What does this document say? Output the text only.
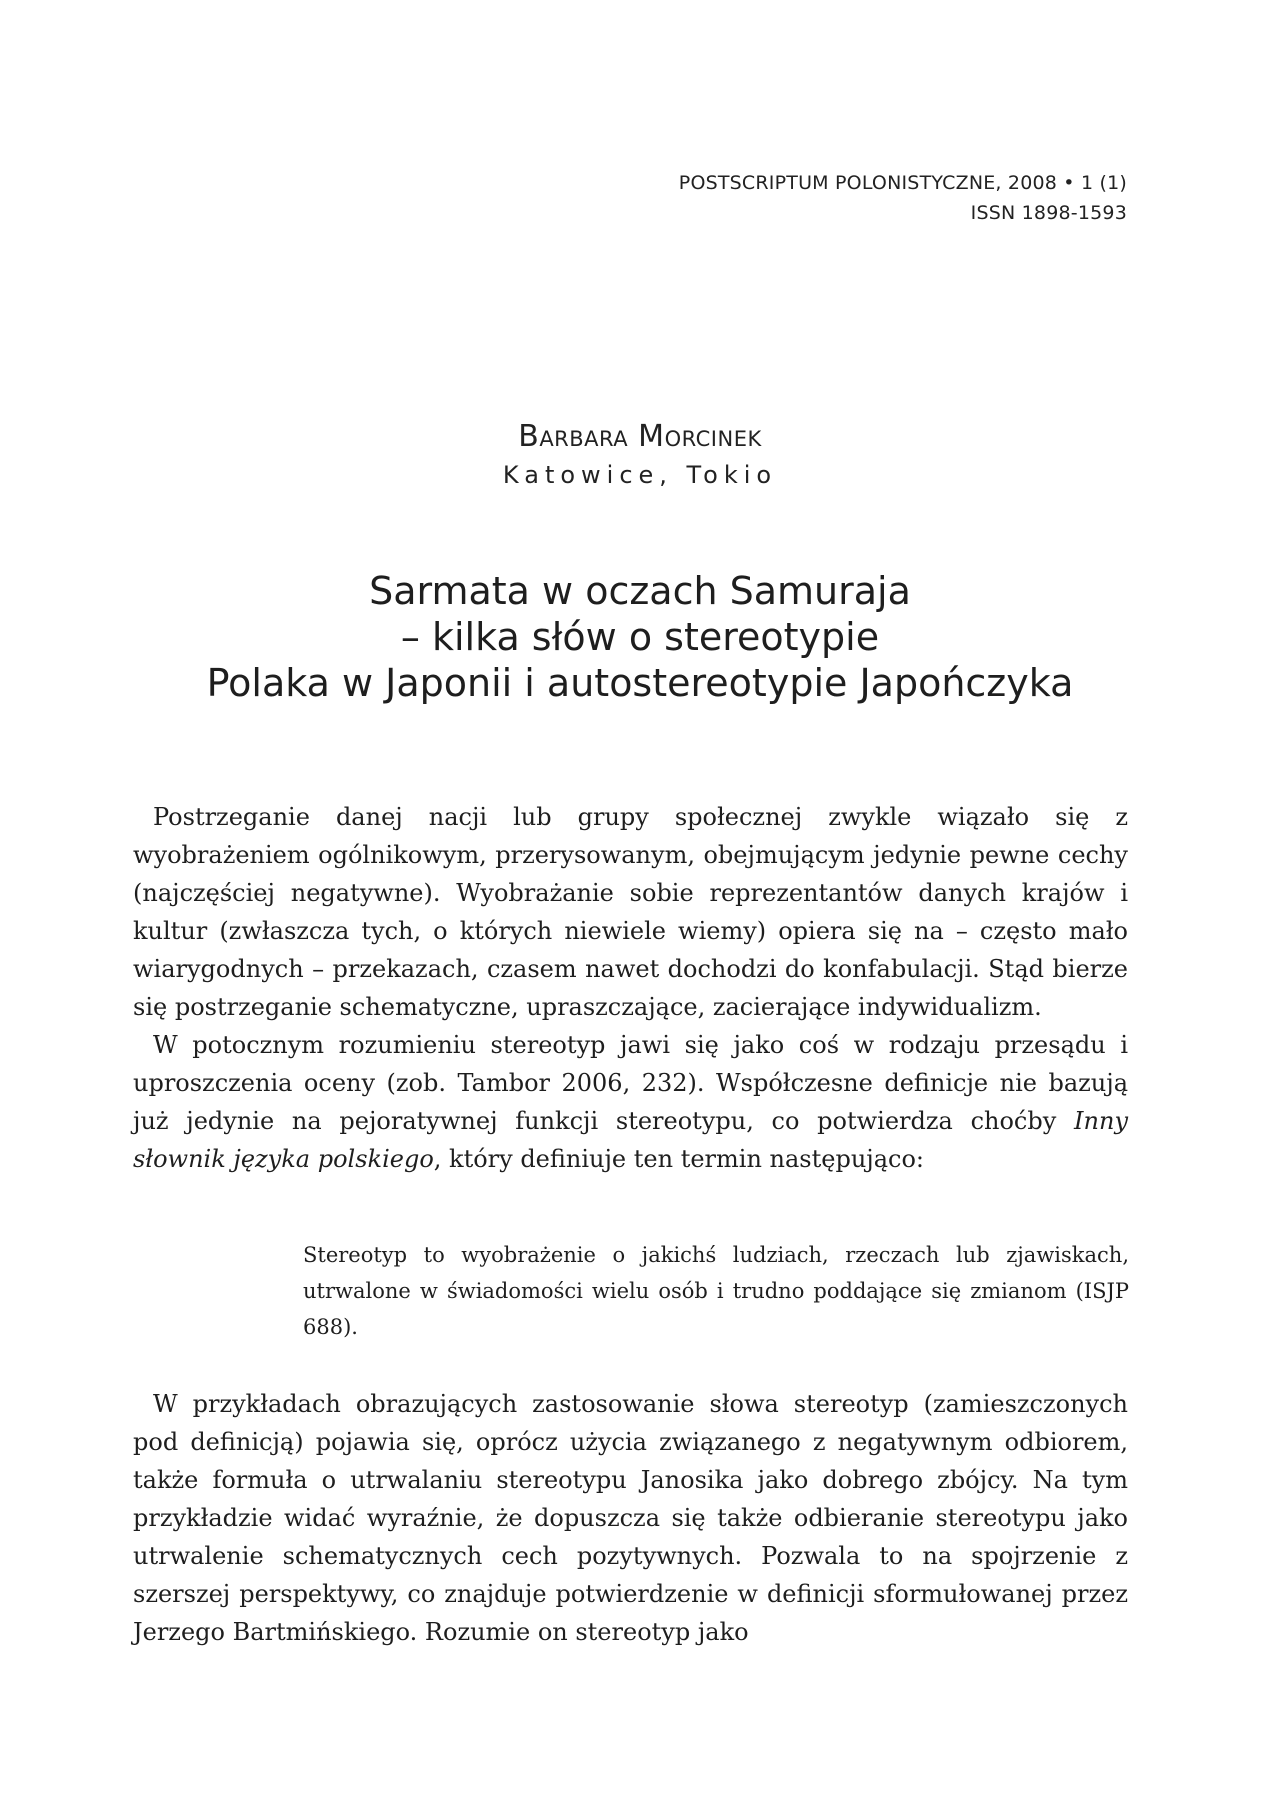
POSTSCRIPTUM POLONISTYCZNE, 2008 • 1 (1)
ISSN 1898-1593
Barbara Morcinek
Katowice, Tokio
Sarmata w oczach Samuraja
– kilka słów o stereotypie
Polaka w Japonii i autostereotypie Japończyka

Postrzeganie danej nacji lub grupy społecznej zwykle wiązało się z wyobrażeniem ogólnikowym, przerysowanym, obejmującym jedynie pewne cechy (najczęściej negatywne). Wyobrażanie sobie reprezentantów danych krajów i kultur (zwłaszcza tych, o których niewiele wiemy) opiera się na – często mało wiarygodnych – przekazach, czasem nawet dochodzi do konfabulacji. Stąd bierze się postrzeganie schematyczne, upraszczające, zacierające indywidualizm.

W potocznym rozumieniu stereotyp jawi się jako coś w rodzaju przesądu i uproszczenia oceny (zob. Tambor 2006, 232). Współczesne definicje nie bazują już jedynie na pejoratywnej funkcji stereotypu, co potwierdza choćby Inny słownik języka polskiego, który definiuje ten termin następująco:

Stereotyp to wyobrażenie o jakichś ludziach, rzeczach lub zjawiskach, utrwalone w świadomości wielu osób i trudno poddające się zmianom (ISJP 688).

W przykładach obrazujących zastosowanie słowa stereotyp (zamieszczonych pod definicją) pojawia się, oprócz użycia związanego z negatywnym odbiorem, także formuła o utrwalaniu stereotypu Janosika jako dobrego zbójcy. Na tym przykładzie widać wyraźnie, że dopuszcza się także odbieranie stereotypu jako utrwalenie schematycznych cech pozytywnych. Pozwala to na spojrzenie z szerszej perspektywy, co znajduje potwierdzenie w definicji sformułowanej przez Jerzego Bartmińskiego. Rozumie on stereotyp jako
